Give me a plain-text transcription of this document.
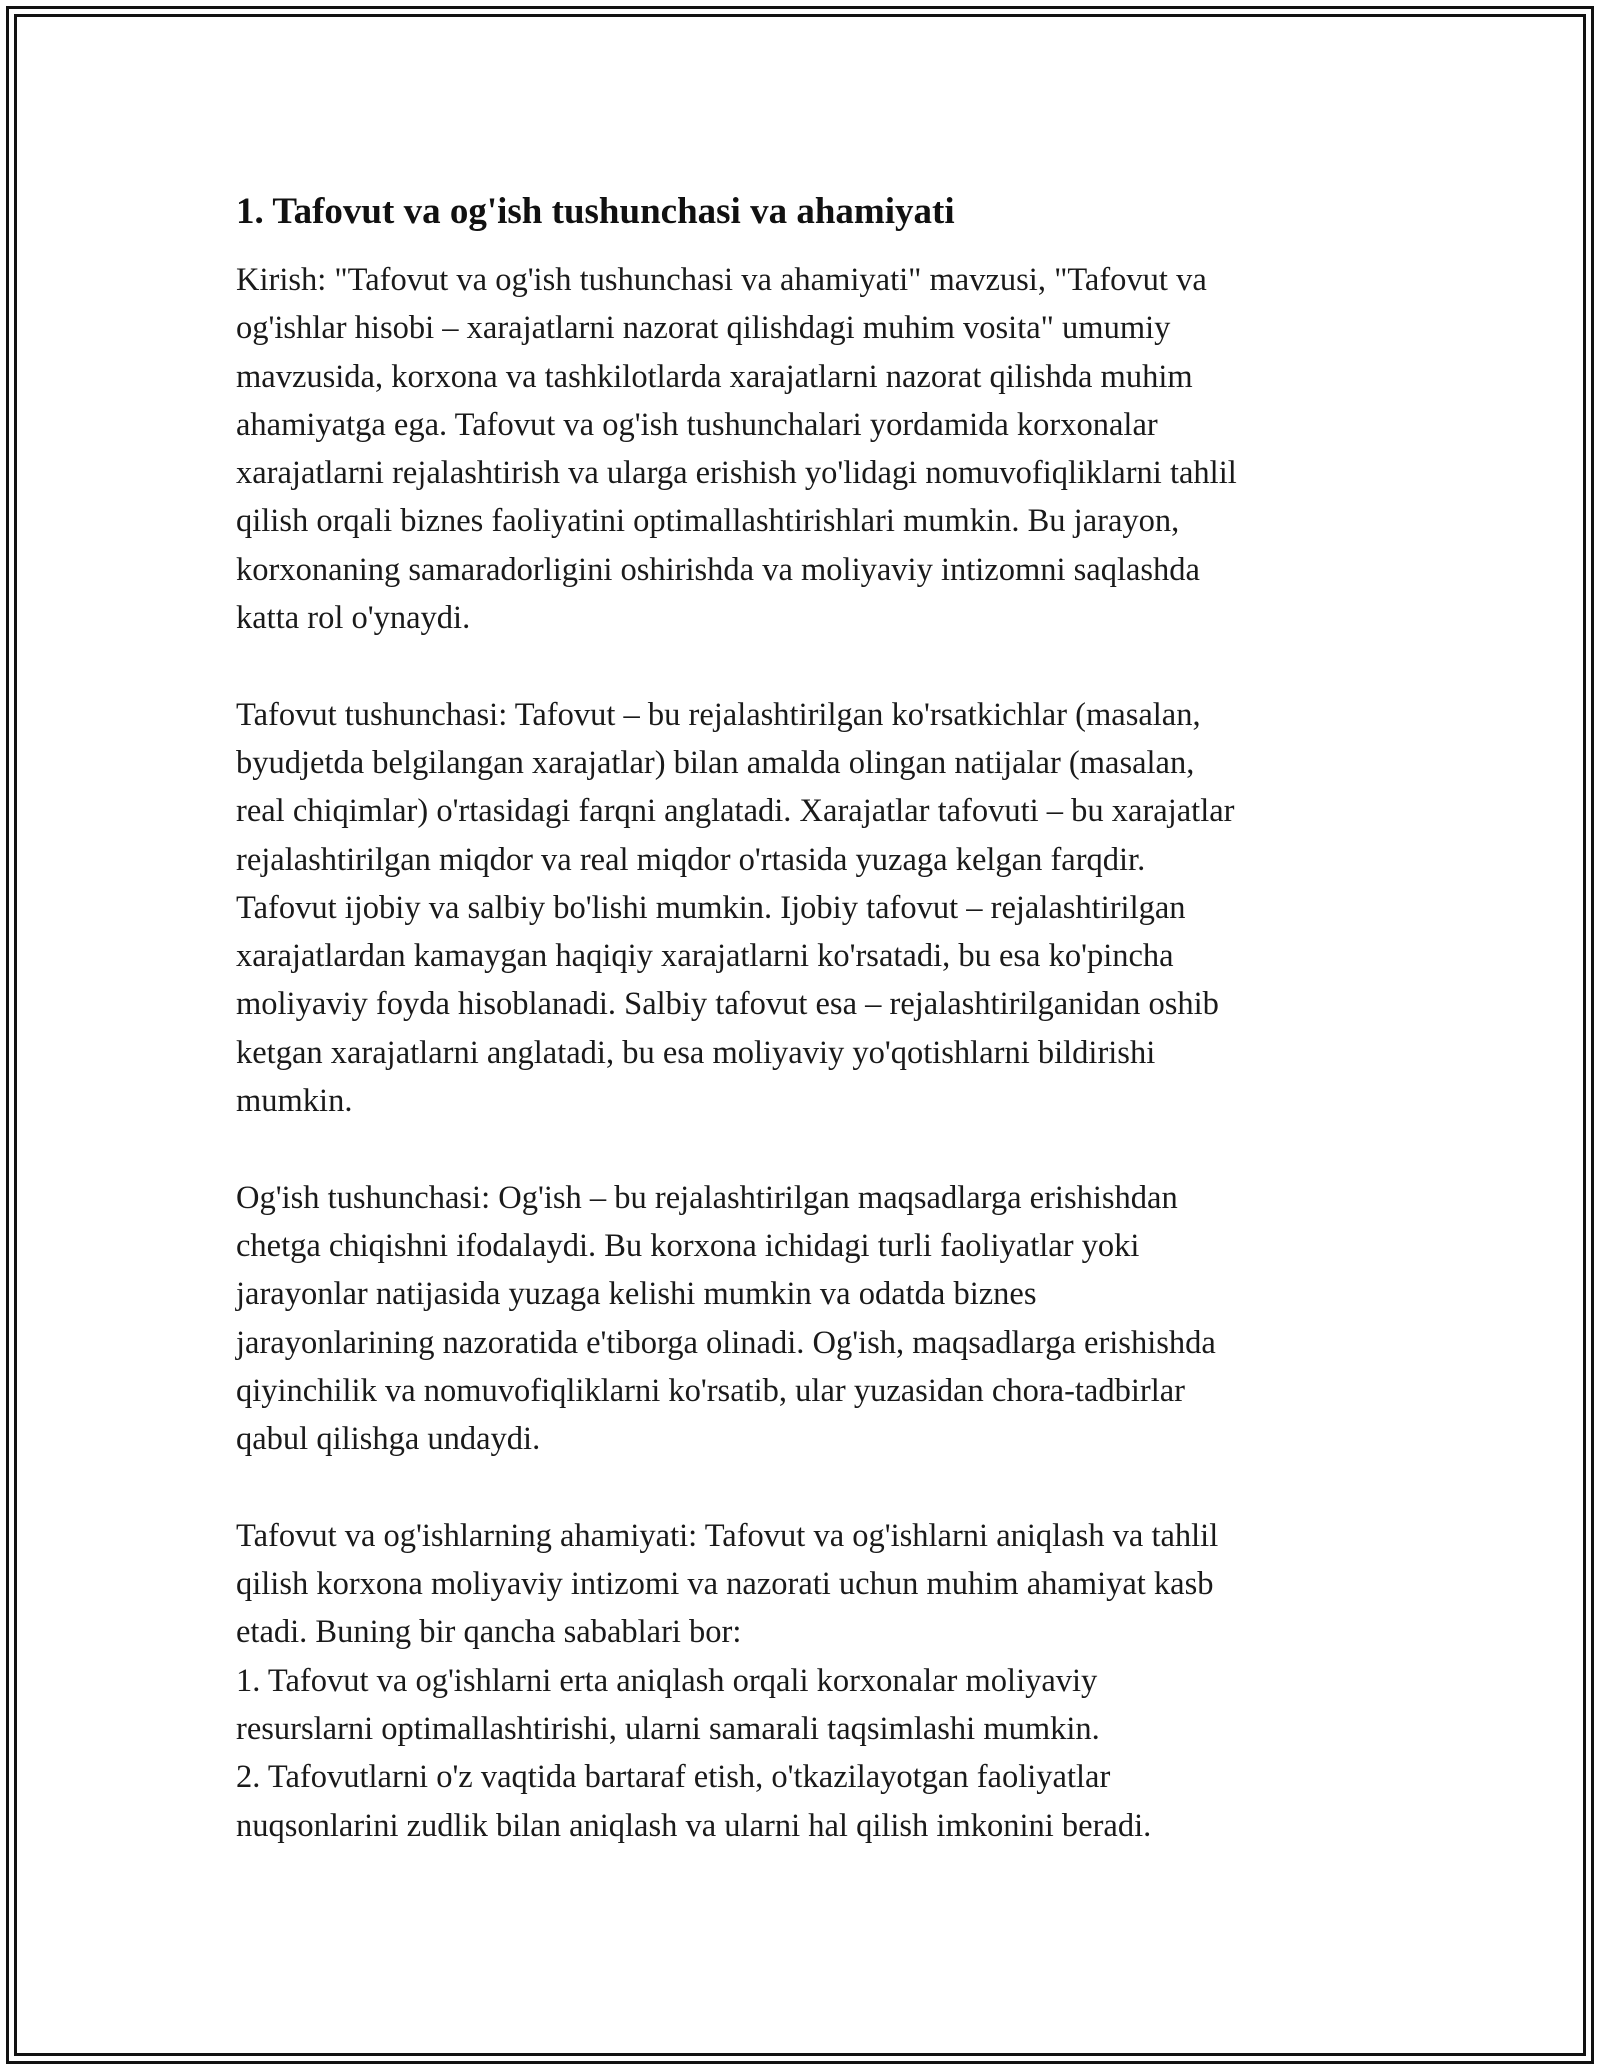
1. Tafovut va og'ish tushunchasi va ahamiyati
Kirish: "Tafovut va og'ish tushunchasi va ahamiyati" mavzusi, "Tafovut va
og'ishlar hisobi – xarajatlarni nazorat qilishdagi muhim vosita" umumiy
mavzusida, korxona va tashkilotlarda xarajatlarni nazorat qilishda muhim
ahamiyatga ega. Tafovut va og'ish tushunchalari yordamida korxonalar
xarajatlarni rejalashtirish va ularga erishish yo'lidagi nomuvofiqliklarni tahlil
qilish orqali biznes faoliyatini optimallashtirishlari mumkin. Bu jarayon,
korxonaning samaradorligini oshirishda va moliyaviy intizomni saqlashda
katta rol o'ynaydi.
Tafovut tushunchasi: Tafovut – bu rejalashtirilgan ko'rsatkichlar (masalan,
byudjetda belgilangan xarajatlar) bilan amalda olingan natijalar (masalan,
real chiqimlar) o'rtasidagi farqni anglatadi. Xarajatlar tafovuti – bu xarajatlar
rejalashtirilgan miqdor va real miqdor o'rtasida yuzaga kelgan farqdir.
Tafovut ijobiy va salbiy bo'lishi mumkin. Ijobiy tafovut – rejalashtirilgan
xarajatlardan kamaygan haqiqiy xarajatlarni ko'rsatadi, bu esa ko'pincha
moliyaviy foyda hisoblanadi. Salbiy tafovut esa – rejalashtirilganidan oshib
ketgan xarajatlarni anglatadi, bu esa moliyaviy yo'qotishlarni bildirishi
mumkin.
Og'ish tushunchasi: Og'ish – bu rejalashtirilgan maqsadlarga erishishdan
chetga chiqishni ifodalaydi. Bu korxona ichidagi turli faoliyatlar yoki
jarayonlar natijasida yuzaga kelishi mumkin va odatda biznes
jarayonlarining nazoratida e'tiborga olinadi. Og'ish, maqsadlarga erishishda
qiyinchilik va nomuvofiqliklarni ko'rsatib, ular yuzasidan chora-tadbirlar
qabul qilishga undaydi.
Tafovut va og'ishlarning ahamiyati: Tafovut va og'ishlarni aniqlash va tahlil
qilish korxona moliyaviy intizomi va nazorati uchun muhim ahamiyat kasb
etadi. Buning bir qancha sabablari bor:
1. Tafovut va og'ishlarni erta aniqlash orqali korxonalar moliyaviy
resurslarni optimallashtirishi, ularni samarali taqsimlashi mumkin.
2. Tafovutlarni o'z vaqtida bartaraf etish, o'tkazilayotgan faoliyatlar
nuqsonlarini zudlik bilan aniqlash va ularni hal qilish imkonini beradi.
